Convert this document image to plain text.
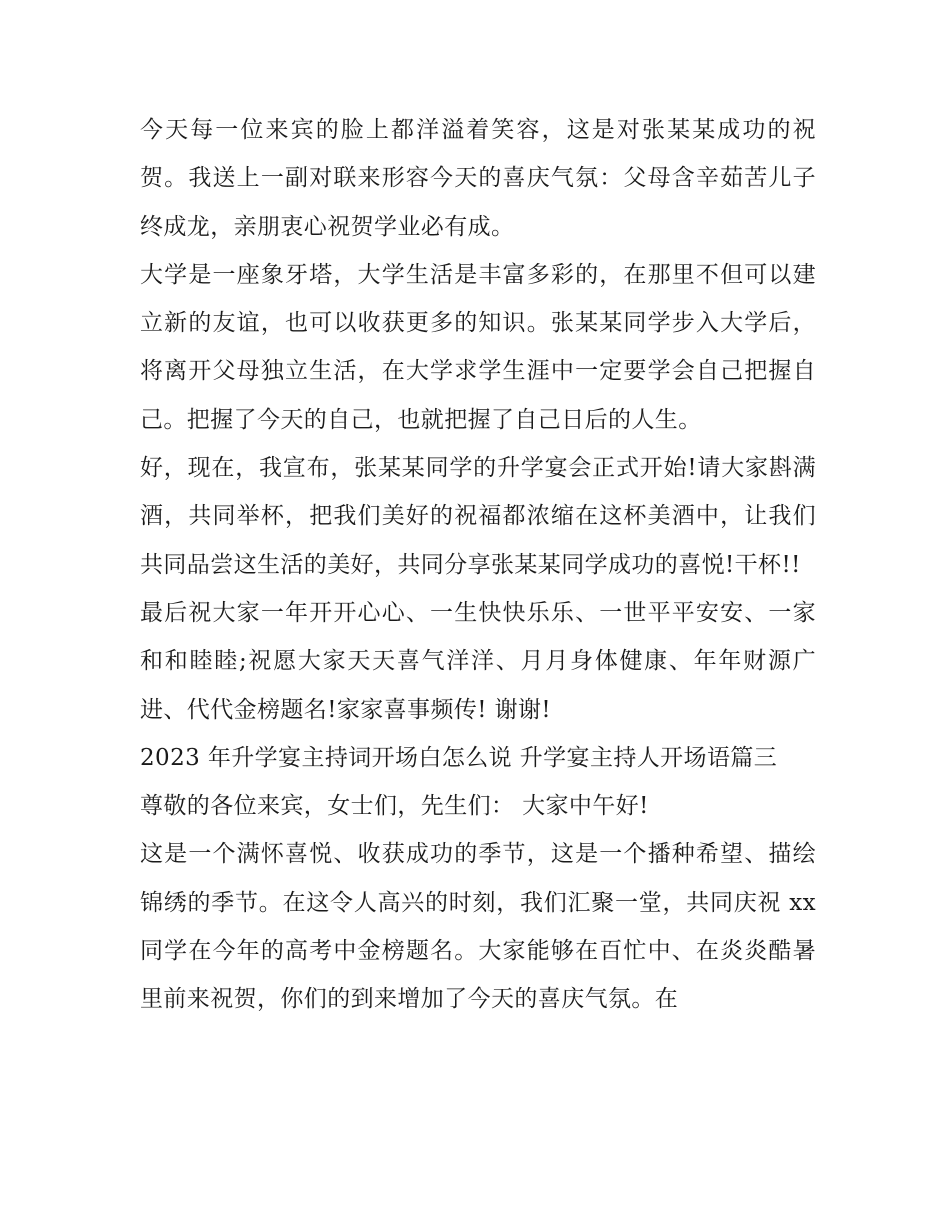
今天每一位来宾的脸上都洋溢着笑容，这是对张某某成功的祝贺。我送上一副对联来形容今天的喜庆气氛：父母含辛茹苦儿子终成龙，亲朋衷心祝贺学业必有成。

大学是一座象牙塔，大学生活是丰富多彩的，在那里不但可以建立新的友谊，也可以收获更多的知识。张某某同学步入大学后，将离开父母独立生活，在大学求学生涯中一定要学会自己把握自己。把握了今天的自己，也就把握了自己日后的人生。

好，现在，我宣布，张某某同学的升学宴会正式开始!请大家斟满酒，共同举杯，把我们美好的祝福都浓缩在这杯美酒中，让我们共同品尝这生活的美好，共同分享张某某同学成功的喜悦!干杯!!

最后祝大家一年开开心心、一生快快乐乐、一世平平安安、一家和和睦睦;祝愿大家天天喜气洋洋、月月身体健康、年年财源广进、代代金榜题名!家家喜事频传! 谢谢!

2023 年升学宴主持词开场白怎么说 升学宴主持人开场语篇三

尊敬的各位来宾，女士们，先生们： 大家中午好!

这是一个满怀喜悦、收获成功的季节，这是一个播种希望、描绘锦绣的季节。在这令人高兴的时刻，我们汇聚一堂，共同庆祝 xx 同学在今年的高考中金榜题名。大家能够在百忙中、在炎炎酷暑里前来祝贺，你们的到来增加了今天的喜庆气氛。在
